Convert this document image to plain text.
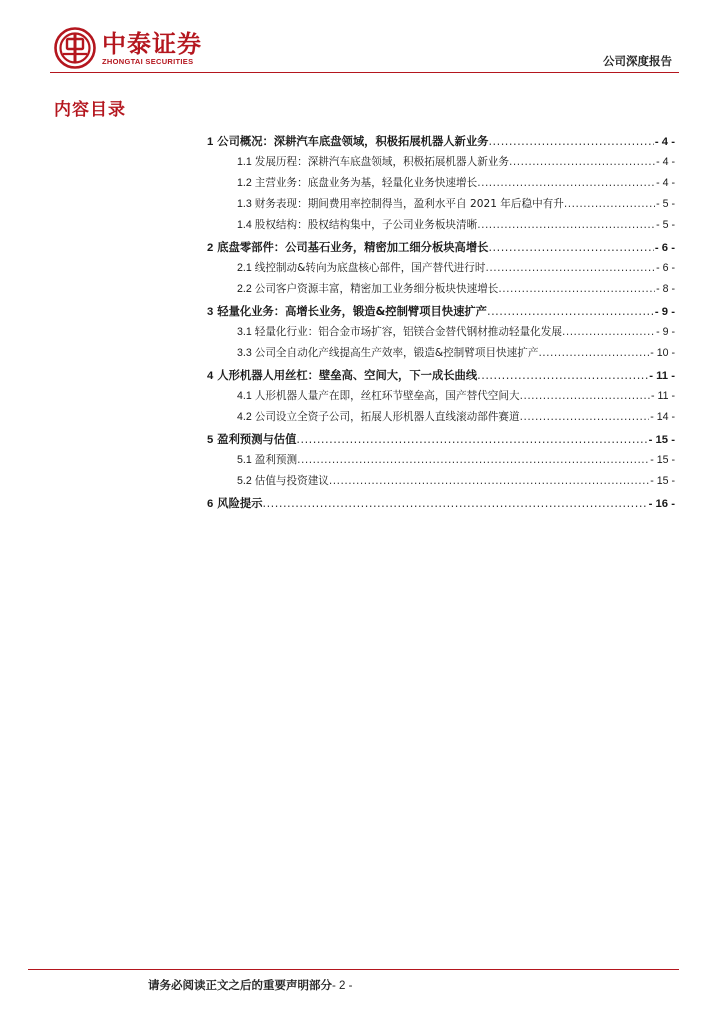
中泰证券
ZHONGTAI SECURITIES	公司深度报告
内容目录
1 公司概况：深耕汽车底盘领域，积极拓展机器人新业务 .....	- 4 -
1.1 发展历程：深耕汽车底盘领域，积极拓展机器人新业务 .....	- 4 -
1.2 主营业务：底盘业务为基，轻量化业务快速增长 .....	- 4 -
1.3 财务表现：期间费用率控制得当，盈利水平自 2021 年后稳中有升 .....	- 5 -
1.4 股权结构：股权结构集中，子公司业务板块清晰 .....	- 5 -
2 底盘零部件：公司基石业务，精密加工细分板块高增长 .....	- 6 -
2.1 线控制动&转向为底盘核心部件，国产替代进行时 .....	- 6 -
2.2 公司客户资源丰富，精密加工业务细分板块快速增长 .....	- 8 -
3 轻量化业务：高增长业务，锻造&控制臂项目快速扩产 .....	- 9 -
3.1 轻量化行业：铝合金市场扩容，铝镁合金替代钢材推动轻量化发展 .....	- 9 -
3.3 公司全自动化产线提高生产效率，锻造&控制臂项目快速扩产 .....	- 10 -
4 人形机器人用丝杠：壁垒高、空间大，下一成长曲线 .....	- 11 -
4.1 人形机器人量产在即，丝杠环节壁垒高，国产替代空间大 .....	- 11 -
4.2 公司设立全资子公司，拓展人形机器人直线滚动部件赛道 .....	- 14 -
5 盈利预测与估值 .....	- 15 -
5.1 盈利预测 .....	- 15 -
5.2 估值与投资建议 .....	- 15 -
6 风险提示 .....	- 16 -
请务必阅读正文之后的重要声明部分- 2 -
